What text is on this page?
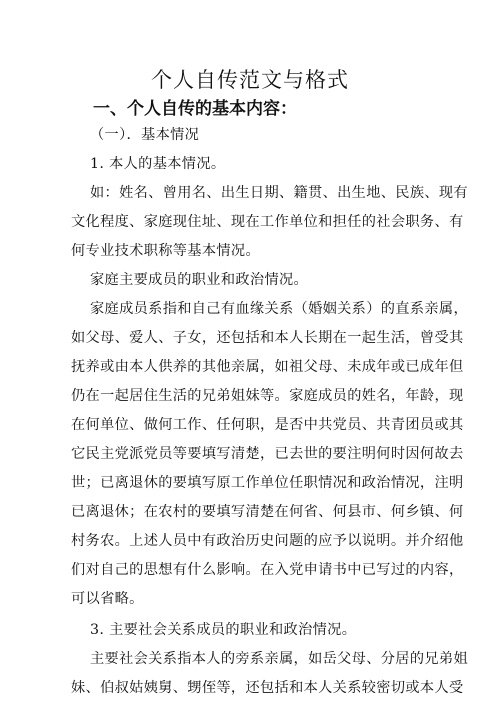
个人自传范文与格式
一、个人自传的基本内容：
（一）．基本情况
1. 本人的基本情况。
如：姓名、曾用名、出生日期、籍贯、出生地、民族、现有
文化程度、家庭现住址、现在工作单位和担任的社会职务、有
何专业技术职称等基本情况。
家庭主要成员的职业和政治情况。
家庭成员系指和自己有血缘关系（婚姻关系）的直系亲属，
如父母、爱人、子女，还包括和本人长期在一起生活，曾受其
抚养或由本人供养的其他亲属，如祖父母、未成年或已成年但
仍在一起居住生活的兄弟姐妹等。家庭成员的姓名，年龄，现
在何单位、做何工作、任何职，是否中共党员、共青团员或其
它民主党派党员等要填写清楚，已去世的要注明何时因何故去
世；已离退休的要填写原工作单位任职情况和政治情况，注明
已离退休；在农村的要填写清楚在何省、何县市、何乡镇、何
村务农。上述人员中有政治历史问题的应予以说明。并介绍他
们对自己的思想有什么影响。在入党申请书中已写过的内容，
可以省略。
3. 主要社会关系成员的职业和政治情况。
主要社会关系指本人的旁系亲属，如岳父母、分居的兄弟姐
妹、伯叔姑姨舅、甥侄等，还包括和本人关系较密切或本人受
